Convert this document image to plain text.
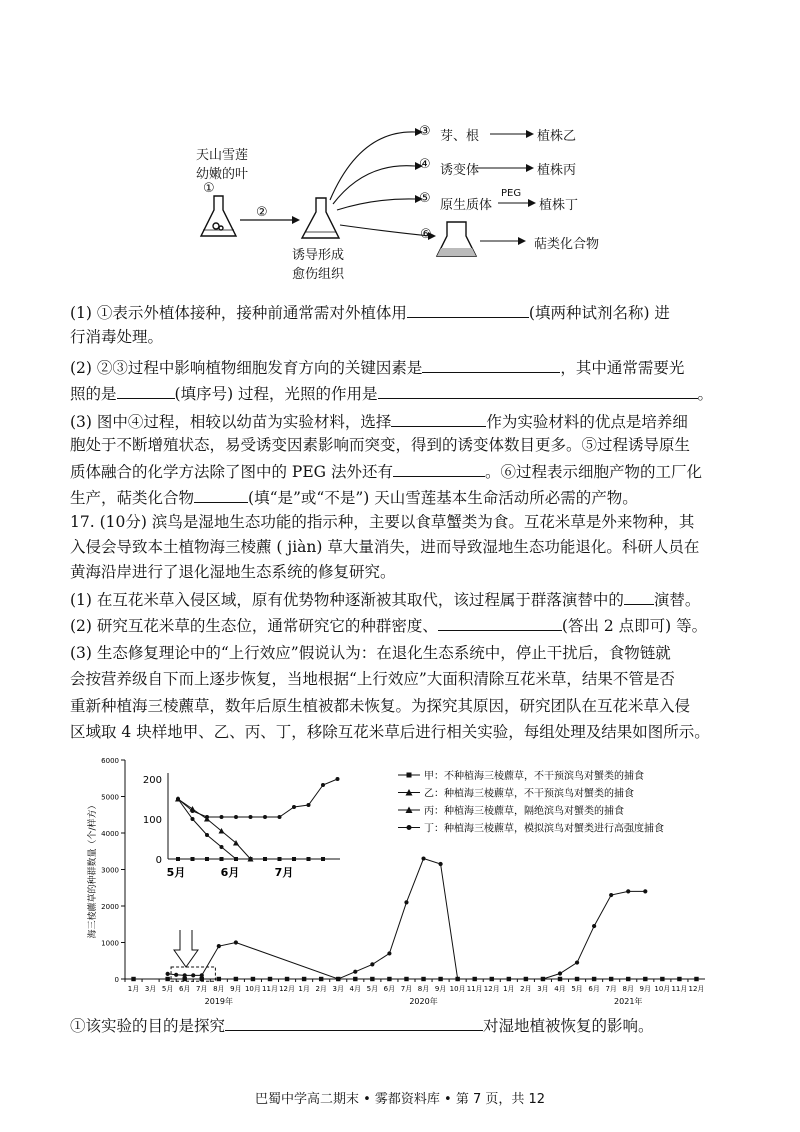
天山雪莲
幼嫩的叶
①
②
诱导形成
愈伤组织
③ 芽、根	植株乙
④ 诱变体	植株丙
⑤ 原生质体
PEG
植株丁
⑥
萜类化合物
(1) ①表示外植体接种，接种前通常需对外植体用	(填两种试剂名称) 进
行消毒处理。
(2) ②③过程中影响植物细胞发育方向的关键因素是	，其中通常需要光
照的是	(填序号) 过程，光照的作用是	。
(3) 图中④过程，相较以幼苗为实验材料，选择	作为实验材料的优点是培养细
胞处于不断增殖状态，易受诱变因素影响而突变，得到的诱变体数目更多。⑤过程诱导原生
质体融合的化学方法除了图中的 PEG 法外还有	。⑥过程表示细胞产物的工厂化
生产，萜类化合物	(填“是”或“不是”) 天山雪莲基本生命活动所必需的产物。
17. (10分) 滨鸟是湿地生态功能的指示种，主要以食草蟹类为食。互花米草是外来物种，其
入侵会导致本土植物海三棱藨 ( jiàn) 草大量消失，进而导致湿地生态功能退化。科研人员在
黄海沿岸进行了退化湿地生态系统的修复研究。
(1) 在互花米草入侵区域，原有优势物种逐渐被其取代，该过程属于群落演替中的 演替。
(2) 研究互花米草的生态位，通常研究它的种群密度、	(答出 2 点即可) 等。
(3) 生态修复理论中的“上行效应”假说认为：在退化生态系统中，停止干扰后，食物链就
会按营养级自下而上逐步恢复，当地根据“上行效应”大面积清除互花米草，结果不管是否
重新种植海三棱藨草，数年后原生植被都未恢复。为探究其原因，研究团队在互花米草入侵
区域取 4 块样地甲、乙、丙、丁，移除互花米草后进行相关实验，每组处理及结果如图所示。
0
1000
2000
3000
4000
5000
6000
1月 3月 5月 6月 7月 8月 9月 10月 11月 12月 1月 2月 3月 4月 5月 6月 7月 8月 9月 10月 11月 12月 1月 2月 3月 4月 5月 6月 7月 8月 9月 10月 11月 12月
2019年	2020年	2021年
海三棱藨草的种群数量（个/样方）	0
100
200
5月	6月	7月
甲：不种植海三棱藨草，不干预滨鸟对蟹类的捕食
乙：种植海三棱藨草，不干预滨鸟对蟹类的捕食
丙：种植海三棱藨草，隔绝滨鸟对蟹类的捕食
丁：种植海三棱藨草，模拟滨鸟对蟹类进行高强度捕食
①该实验的目的是探究	对湿地植被恢复的影响。
巴蜀中学高二期末 • 雾都资料库 • 第 7 页，共 12
